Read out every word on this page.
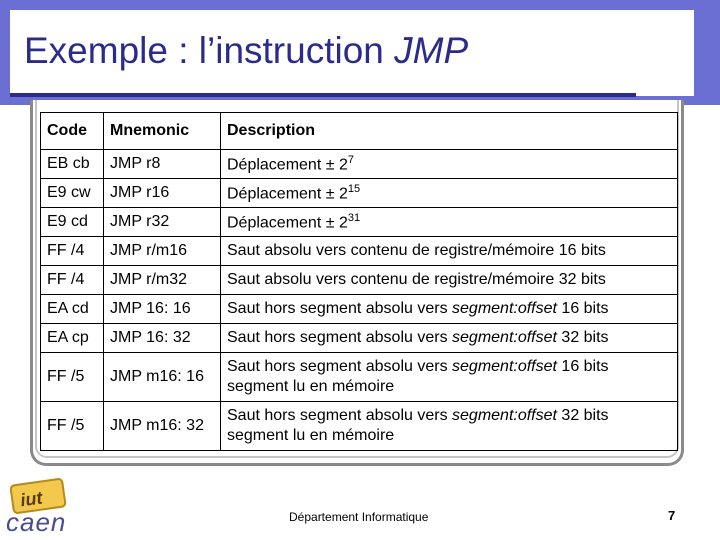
Exemple : l’instruction JMP
Code	Mnemonic	Description
EB cb	JMP r8	Déplacement ± $2^7$
E9 cw	JMP r16	Déplacement ± $2^{15}$
E9 cd	JMP r32	Déplacement ± $2^{31}$
FF /4	JMP r/m16	Saut absolu vers contenu de registre/mémoire 16 bits
FF /4	JMP r/m32	Saut absolu vers contenu de registre/mémoire 32 bits
EA cd	JMP 16: 16	Saut hors segment absolu vers segment:offset 16 bits
EA cp	JMP 16: 32	Saut hors segment absolu vers segment:offset 32 bits
FF /5	JMP m16: 16	Saut hors segment absolu vers segment:offset 16 bits
segment lu en mémoire
FF /5	JMP m16: 32	Saut hors segment absolu vers segment:offset 32 bits
segment lu en mémoire
iut
caen	Département Informatique	7
